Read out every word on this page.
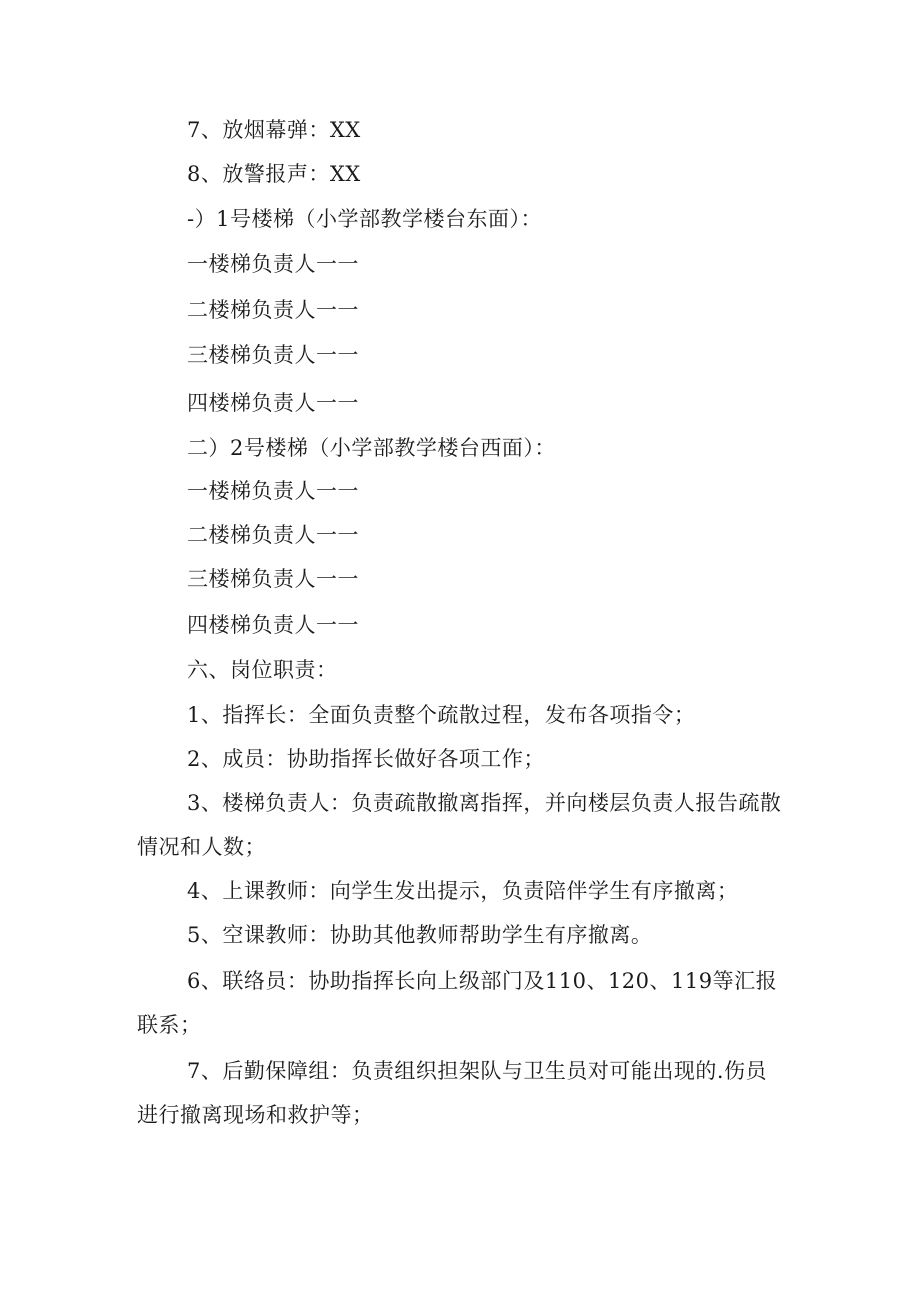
7、放烟幕弹：XX
8、放警报声：XX
-）1号楼梯（小学部教学楼台东面）：
一楼梯负责人一一
二楼梯负责人一一
三楼梯负责人一一
四楼梯负责人一一
二）2号楼梯（小学部教学楼台西面）：
一楼梯负责人一一
二楼梯负责人一一
三楼梯负责人一一
四楼梯负责人一一
六、岗位职责：
1、指挥长：全面负责整个疏散过程，发布各项指令；
2、成员：协助指挥长做好各项工作；
3、楼梯负责人：负责疏散撤离指挥，并向楼层负责人报告疏散
情况和人数；
4、上课教师：向学生发出提示，负责陪伴学生有序撤离；
5、空课教师：协助其他教师帮助学生有序撤离。
6、联络员：协助指挥长向上级部门及110、120、119等汇报
联系；
7、后勤保障组：负责组织担架队与卫生员对可能出现的.伤员
进行撤离现场和救护等；
